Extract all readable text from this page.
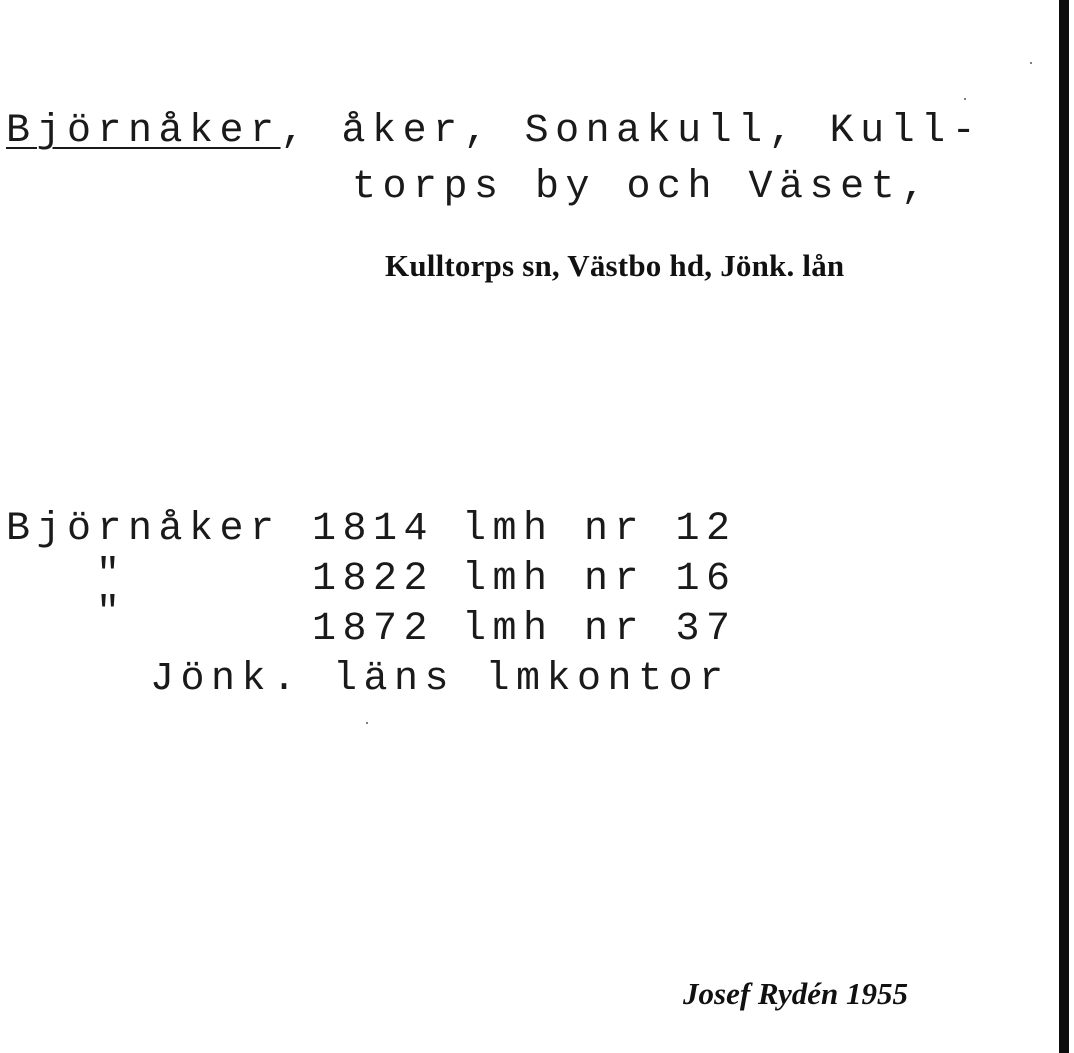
Björnåker, åker, Sonakull, Kull-
torps by och Väset,
Kulltorps sn, Västbo hd, Jönk. lån
Björnåker 1814 lmh nr 12
"	1822 lmh nr 16
"	1872 lmh nr 37
Jönk. läns lmkontor
Josef Rydén 1955
